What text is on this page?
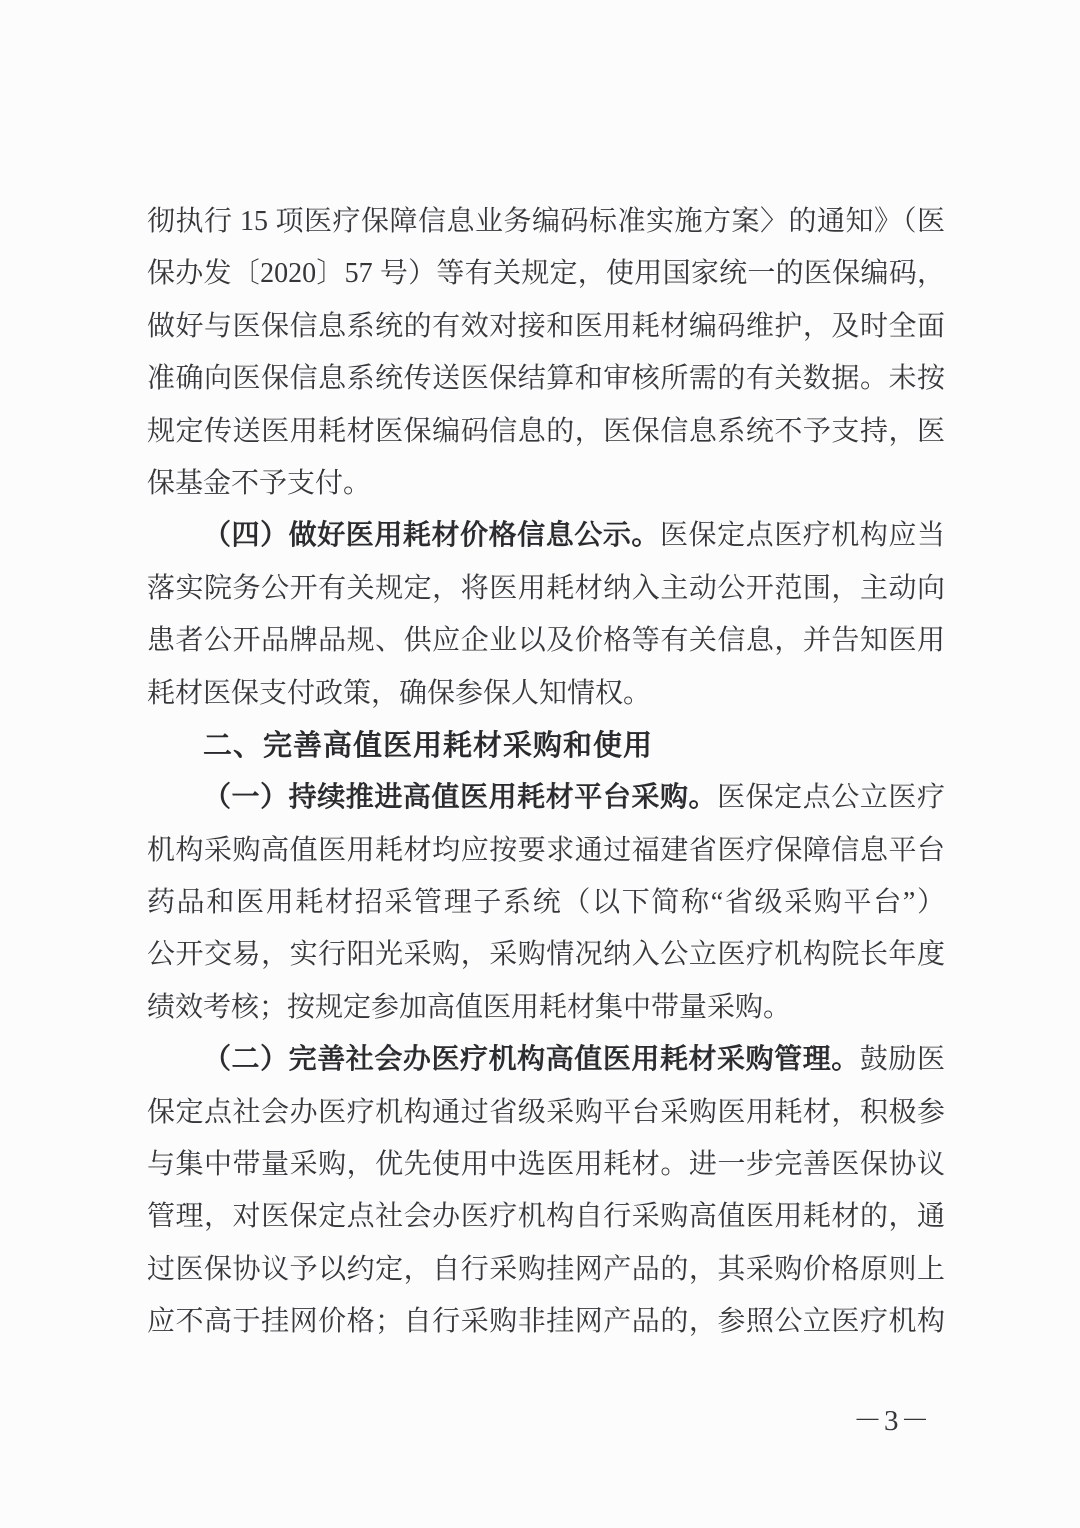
彻执行 15 项医疗保障信息业务编码标准实施方案〉的通知》（医
保办发〔2020〕57 号）等有关规定，使用国家统一的医保编码，
做好与医保信息系统的有效对接和医用耗材编码维护，及时全面
准确向医保信息系统传送医保结算和审核所需的有关数据。未按
规定传送医用耗材医保编码信息的，医保信息系统不予支持，医
保基金不予支付。
（四）做好医用耗材价格信息公示。医保定点医疗机构应当
落实院务公开有关规定，将医用耗材纳入主动公开范围，主动向
患者公开品牌品规、供应企业以及价格等有关信息，并告知医用
耗材医保支付政策，确保参保人知情权。
二、完善高值医用耗材采购和使用
（一）持续推进高值医用耗材平台采购。医保定点公立医疗
机构采购高值医用耗材均应按要求通过福建省医疗保障信息平台
药品和医用耗材招采管理子系统（以下简称“省级采购平台”）
公开交易，实行阳光采购，采购情况纳入公立医疗机构院长年度
绩效考核；按规定参加高值医用耗材集中带量采购。
（二）完善社会办医疗机构高值医用耗材采购管理。鼓励医
保定点社会办医疗机构通过省级采购平台采购医用耗材，积极参
与集中带量采购，优先使用中选医用耗材。进一步完善医保协议
管理，对医保定点社会办医疗机构自行采购高值医用耗材的，通
过医保协议予以约定，自行采购挂网产品的，其采购价格原则上
应不高于挂网价格；自行采购非挂网产品的，参照公立医疗机构
－3－
